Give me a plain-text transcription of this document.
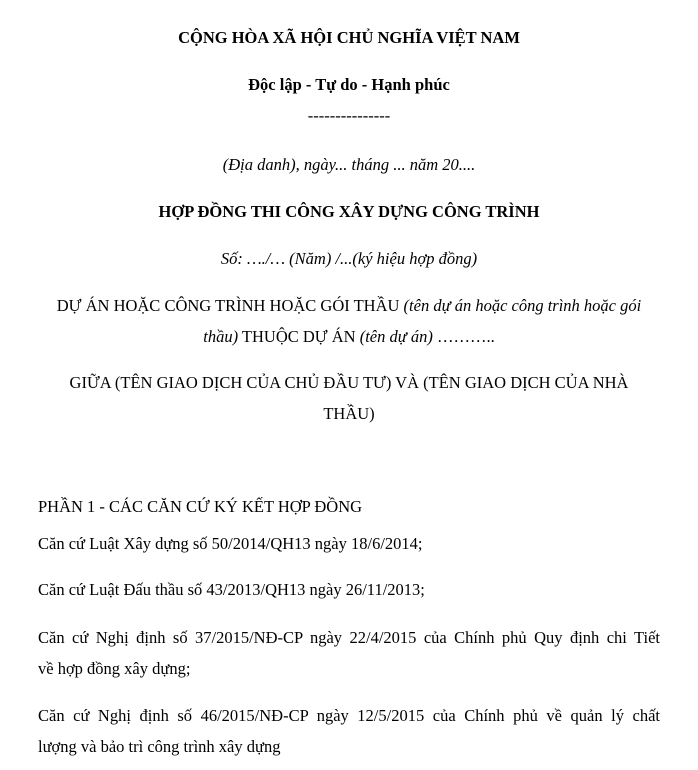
CỘNG HÒA XÃ HỘI CHỦ NGHĨA VIỆT NAM
Độc lập - Tự do - Hạnh phúc
---------------
(Địa danh), ngày... tháng ... năm 20....
HỢP ĐỒNG THI CÔNG XÂY DỰNG CÔNG TRÌNH
Số: …./… (Năm) /...(ký hiệu hợp đồng)
DỰ ÁN HOẶC CÔNG TRÌNH HOẶC GÓI THẦU (tên dự án hoặc công trình hoặc gói
thầu) THUỘC DỰ ÁN (tên dự án) ………..
GIỮA (TÊN GIAO DỊCH CỦA CHỦ ĐẦU TƯ) VÀ (TÊN GIAO DỊCH CỦA NHÀ
THẦU)
PHẦN 1 - CÁC CĂN CỨ KÝ KẾT HỢP ĐỒNG
Căn cứ Luật Xây dựng số 50/2014/QH13 ngày 18/6/2014;
Căn cứ Luật Đấu thầu số 43/2013/QH13 ngày 26/11/2013;
Căn cứ Nghị định số 37/2015/NĐ-CP ngày 22/4/2015 của Chính phủ Quy định chi Tiết
về hợp đồng xây dựng;
Căn cứ Nghị định số 46/2015/NĐ-CP ngày 12/5/2015 của Chính phủ về quản lý chất
lượng và bảo trì công trình xây dựng
